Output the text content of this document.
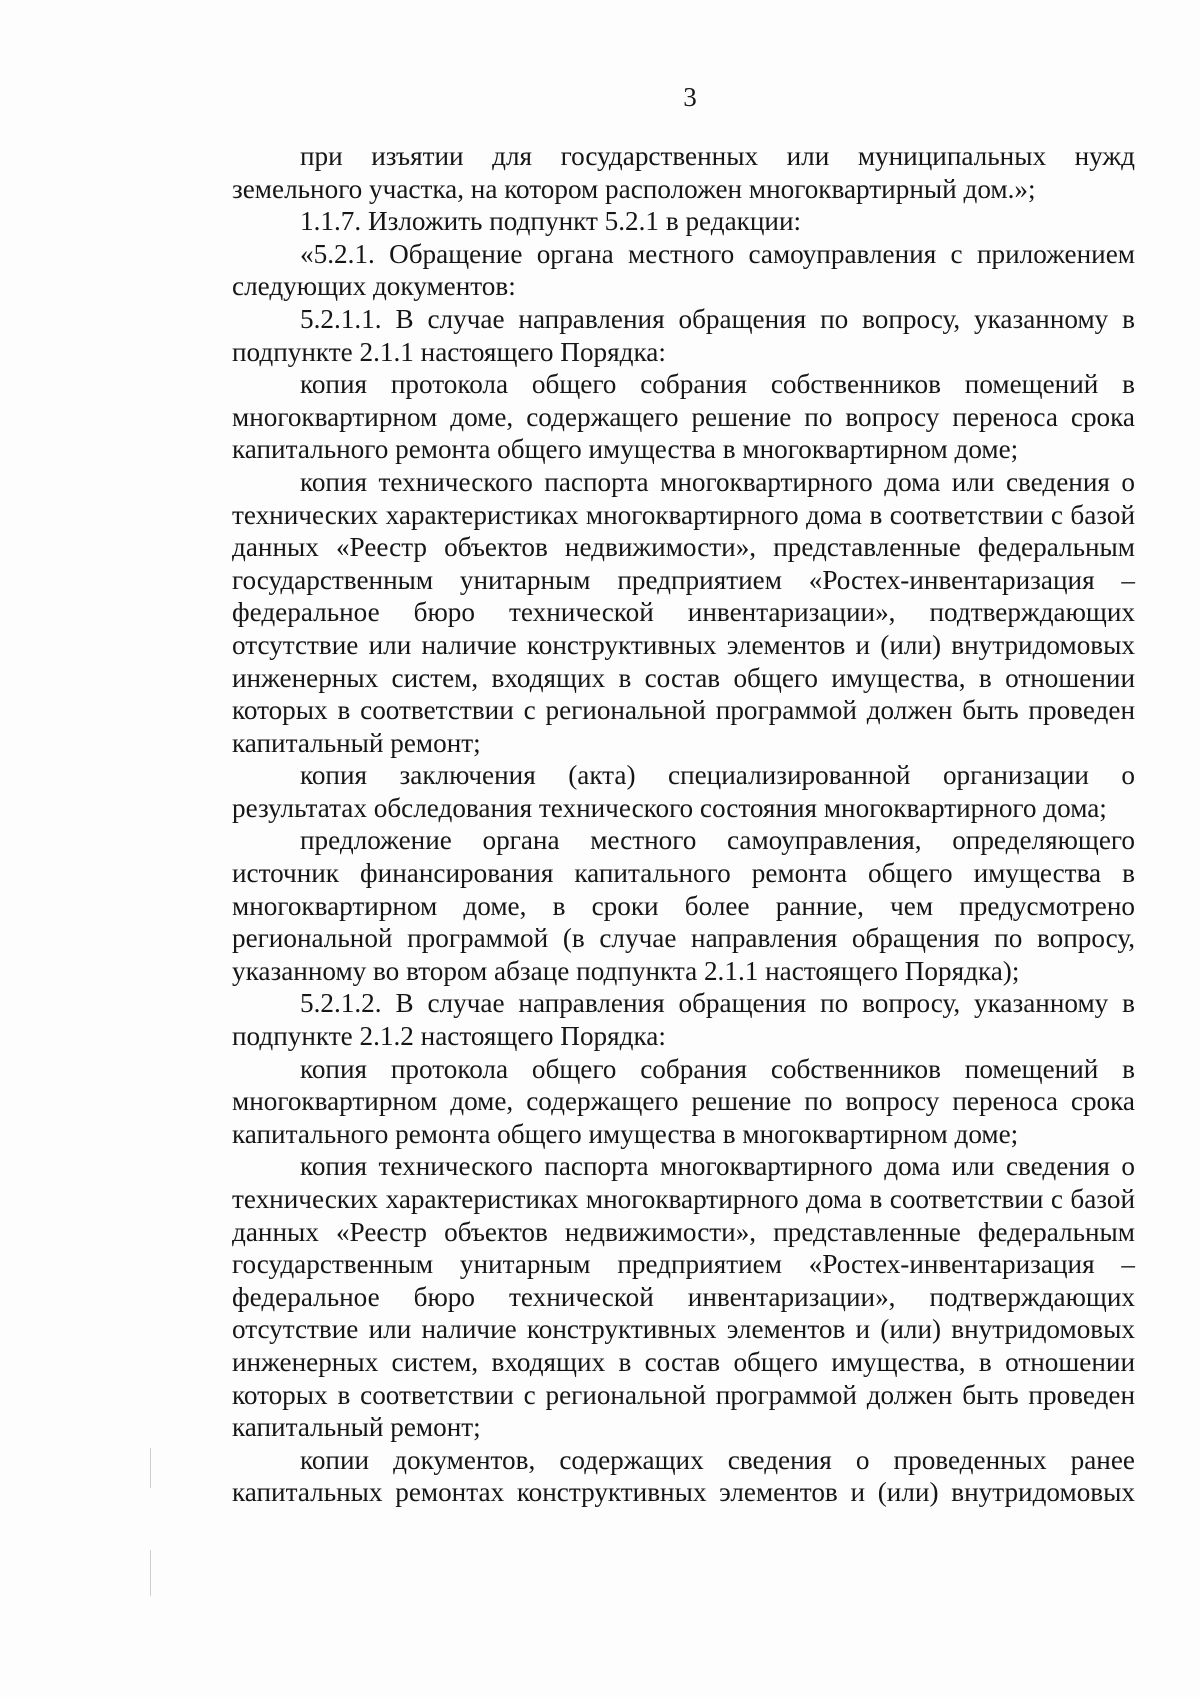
3

при изъятии для государственных или муниципальных нужд земельного участка, на котором расположен многоквартирный дом.»;

1.1.7. Изложить подпункт 5.2.1 в редакции:

«5.2.1. Обращение органа местного самоуправления с приложением следующих документов:

5.2.1.1. В случае направления обращения по вопросу, указанному в подпункте 2.1.1 настоящего Порядка:

копия протокола общего собрания собственников помещений в многоквартирном доме, содержащего решение по вопросу переноса срока капитального ремонта общего имущества в многоквартирном доме;

копия технического паспорта многоквартирного дома или сведения о технических характеристиках многоквартирного дома в соответствии с базой данных «Реестр объектов недвижимости», представленные федеральным государственным унитарным предприятием «Ростех-инвентаризация – федеральное бюро технической инвентаризации», подтверждающих отсутствие или наличие конструктивных элементов и (или) внутридомовых инженерных систем, входящих в состав общего имущества, в отношении которых в соответствии с региональной программой должен быть проведен капитальный ремонт;

копия заключения (акта) специализированной организации о результатах обследования технического состояния многоквартирного дома;

предложение органа местного самоуправления, определяющего источник финансирования капитального ремонта общего имущества в многоквартирном доме, в сроки более ранние, чем предусмотрено региональной программой (в случае направления обращения по вопросу, указанному во втором абзаце подпункта 2.1.1 настоящего Порядка);

5.2.1.2. В случае направления обращения по вопросу, указанному в подпункте 2.1.2 настоящего Порядка:

копия протокола общего собрания собственников помещений в многоквартирном доме, содержащего решение по вопросу переноса срока капитального ремонта общего имущества в многоквартирном доме;

копия технического паспорта многоквартирного дома или сведения о технических характеристиках многоквартирного дома в соответствии с базой данных «Реестр объектов недвижимости», представленные федеральным государственным унитарным предприятием «Ростех-инвентаризация – федеральное бюро технической инвентаризации», подтверждающих отсутствие или наличие конструктивных элементов и (или) внутридомовых инженерных систем, входящих в состав общего имущества, в отношении которых в соответствии с региональной программой должен быть проведен капитальный ремонт;

копии документов, содержащих сведения о проведенных ранее капитальных ремонтах конструктивных элементов и (или) внутридомовых
